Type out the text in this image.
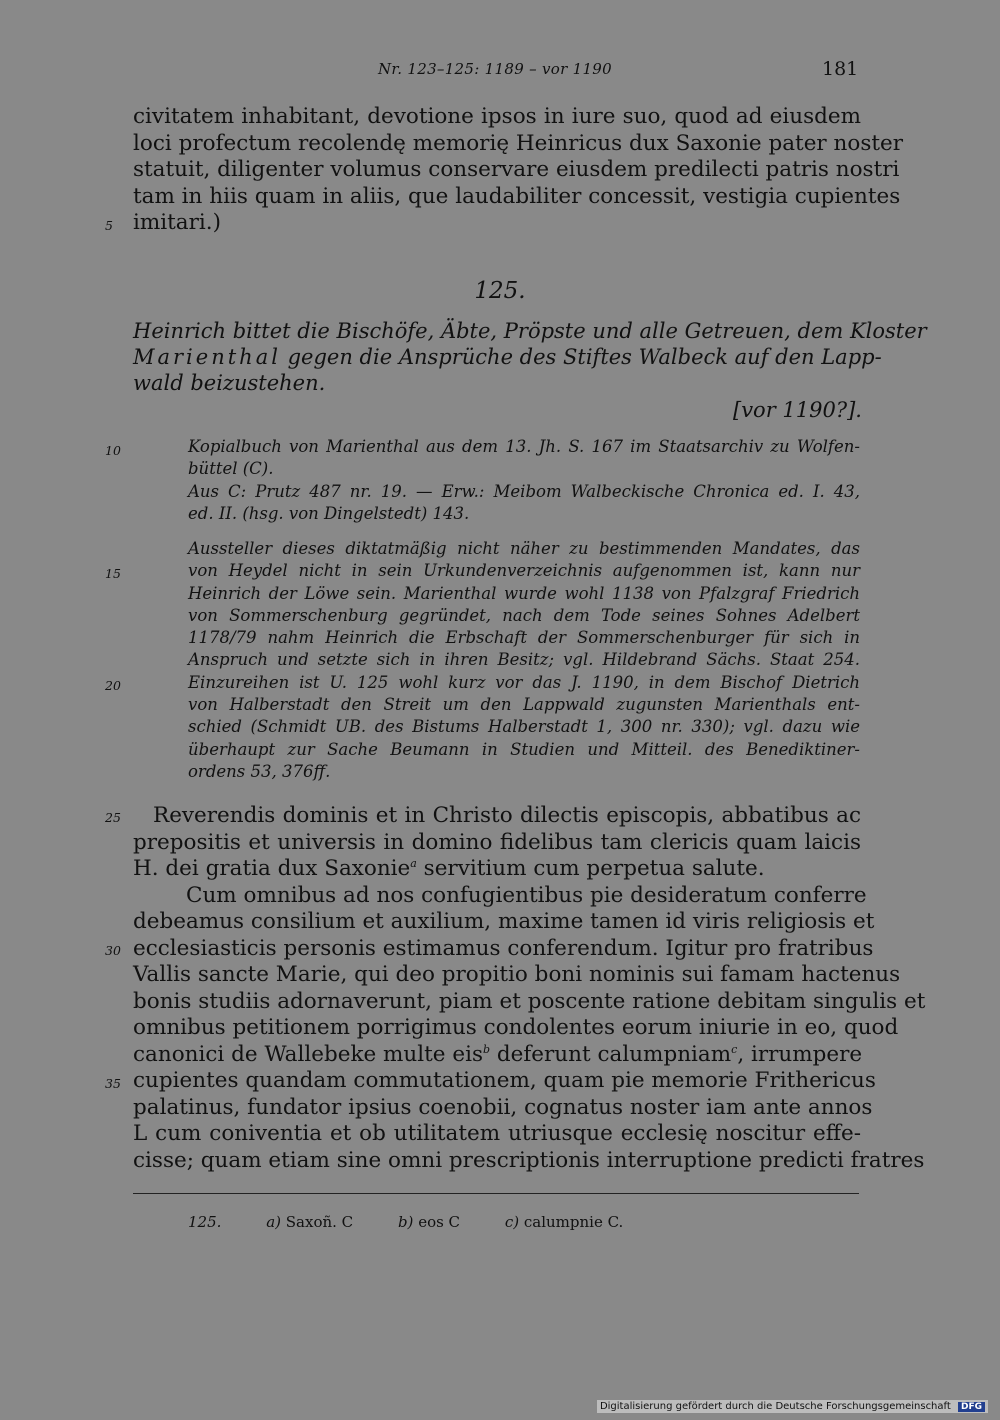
Nr. 123–125: 1189 – vor 1190	181
civitatem inhabitant, devotione ipsos in iure suo, quod ad eiusdem
loci profectum recolendę memorię Heinricus dux Saxonie pater noster
statuit, diligenter volumus conservare eiusdem predilecti patris nostri
tam in hiis quam in aliis, que laudabiliter concessit, vestigia cupientes
imitari.)
5
125.
Heinrich bittet die Bischöfe, Äbte, Pröpste und alle Getreuen, dem Kloster
Marienthal gegen die Ansprüche des Stiftes Walbeck auf den Lapp-
wald beizustehen.
[vor 1190?].
Kopialbuch von Marienthal aus dem 13. Jh. S. 167 im Staatsarchiv zu Wolfen-
büttel (C).
10
Aus C: Prutz 487 nr. 19. — Erw.: Meibom Walbeckische Chronica ed. I. 43,
ed. II. (hsg. von Dingelstedt) 143.
Aussteller dieses diktatmäßig nicht näher zu bestimmenden Mandates, das
von Heydel nicht in sein Urkundenverzeichnis aufgenommen ist, kann nur
Heinrich der Löwe sein. Marienthal wurde wohl 1138 von Pfalzgraf Friedrich
von Sommerschenburg gegründet, nach dem Tode seines Sohnes Adelbert
1178/79 nahm Heinrich die Erbschaft der Sommerschenburger für sich in
Anspruch und setzte sich in ihren Besitz; vgl. Hildebrand Sächs. Staat 254.
Einzureihen ist U. 125 wohl kurz vor das J. 1190, in dem Bischof Dietrich
von Halberstadt den Streit um den Lappwald zugunsten Marienthals ent-
schied (Schmidt UB. des Bistums Halberstadt 1, 300 nr. 330); vgl. dazu wie
überhaupt zur Sache Beumann in Studien und Mitteil. des Benediktiner-
ordens 53, 376ff.
15
20
Reverendis dominis et in Christo dilectis episcopis, abbatibus ac
prepositis et universis in domino fidelibus tam clericis quam laicis
H. dei gratia dux Saxonie$^a$ servitium cum perpetua salute.
Cum omnibus ad nos confugientibus pie desideratum conferre
debeamus consilium et auxilium, maxime tamen id viris religiosis et
ecclesiasticis personis estimamus conferendum. Igitur pro fratribus
Vallis sancte Marie, qui deo propitio boni nominis sui famam hactenus
bonis studiis adornaverunt, piam et poscente ratione debitam singulis et
omnibus petitionem porrigimus condolentes eorum iniurie in eo, quod
canonici de Wallebeke multe eis$^b$ deferunt calumpniam$^c$, irrumpere
cupientes quandam commutationem, quam pie memorie Frithericus
palatinus, fundator ipsius coenobii, cognatus noster iam ante annos
L cum coniventia et ob utilitatem utriusque ecclesię noscitur effe-
cisse; quam etiam sine omni prescriptionis interruptione predicti fratres
25
30
35
125.	a) Saxoñ. C	b) eos C	c) calumpnie C.
Digitalisierung gefördert durch die Deutsche Forschungsgemeinschaft DFG
